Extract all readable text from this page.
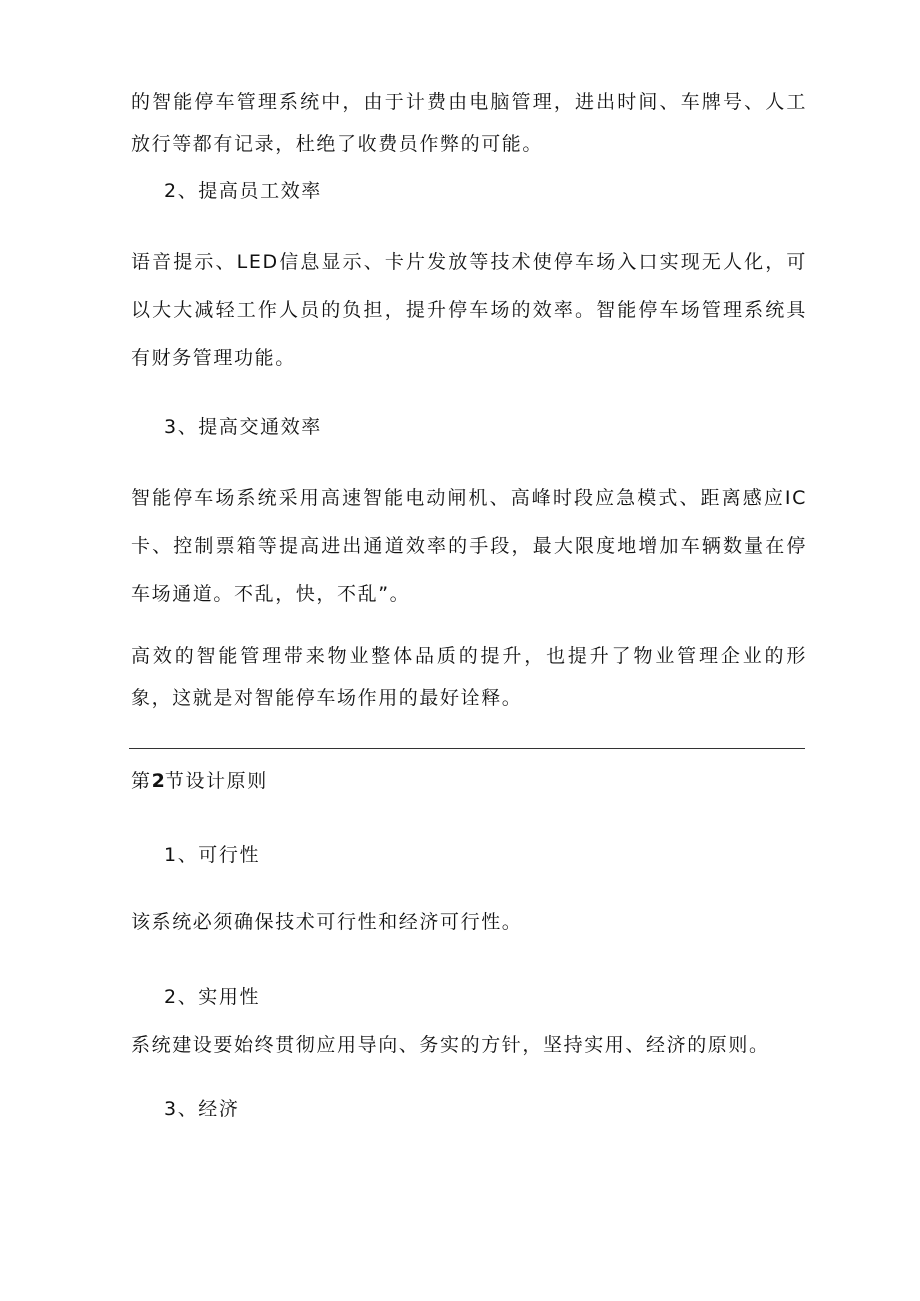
的智能停车管理系统中，由于计费由电脑管理，进出时间、车牌号、人工放行等都有记录，杜绝了收费员作弊的可能。

2、提高员工效率

语音提示、LED信息显示、卡片发放等技术使停车场入口实现无人化，可以大大减轻工作人员的负担，提升停车场的效率。智能停车场管理系统具有财务管理功能。

3、提高交通效率

智能停车场系统采用高速智能电动闸机、高峰时段应急模式、距离感应IC卡、控制票箱等提高进出通道效率的手段，最大限度地增加车辆数量在停车场通道。不乱，快，不乱”。

高效的智能管理带来物业整体品质的提升，也提升了物业管理企业的形象，这就是对智能停车场作用的最好诠释。

第2节设计原则

1、可行性

该系统必须确保技术可行性和经济可行性。

2、实用性

系统建设要始终贯彻应用导向、务实的方针，坚持实用、经济的原则。

3、经济
